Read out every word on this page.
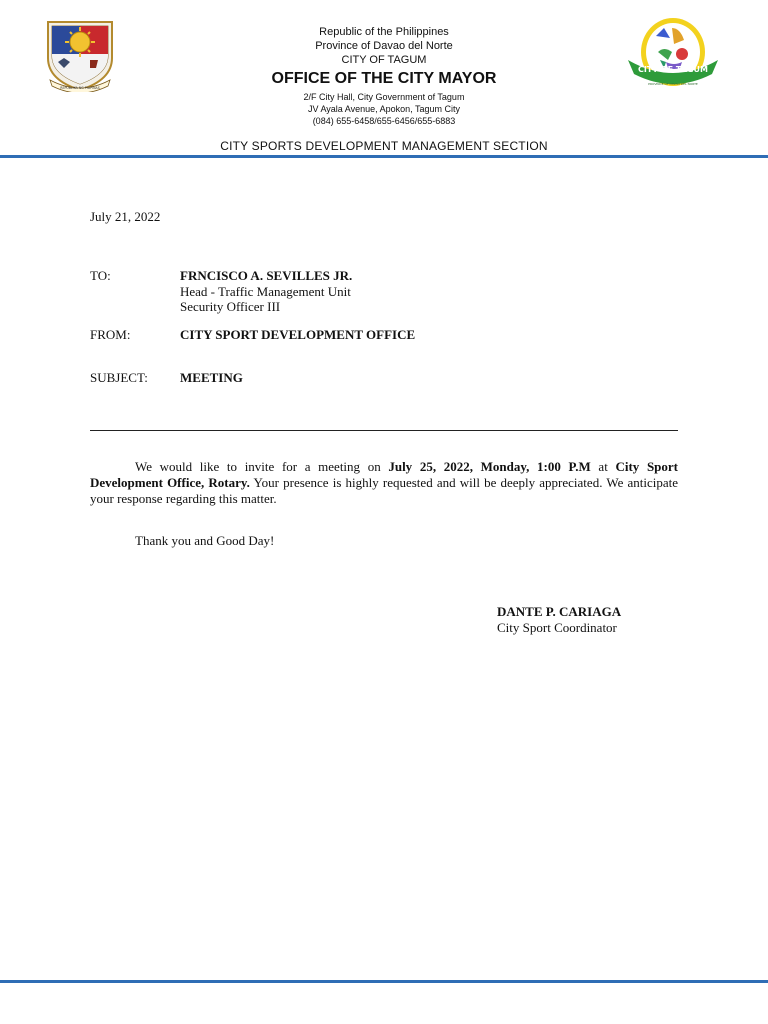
REPUBLIKA NG PILIPINAS
CITY OF TAGUM
PROVINCE OF DAVAO DEL NORTE
Republic of the Philippines
Province of Davao del Norte
CITY OF TAGUM
OFFICE OF THE CITY MAYOR
2/F City Hall, City Government of Tagum
JV Ayala Avenue, Apokon, Tagum City
(084) 655-6458/655-6456/655-6883
CITY SPORTS DEVELOPMENT MANAGEMENT SECTION
July 21, 2022
TO:	FRNCISCO A. SEVILLES JR.
Head - Traffic Management Unit
Security Officer III
FROM:	CITY SPORT DEVELOPMENT OFFICE
SUBJECT: MEETING
We would like to invite for a meeting on July 25, 2022, Monday, 1:00 P.M at City Sport Development Office, Rotary. Your presence is highly requested and will be deeply appreciated. We anticipate your response regarding this matter.
Thank you and Good Day!
DANTE P. CARIAGA
City Sport Coordinator
